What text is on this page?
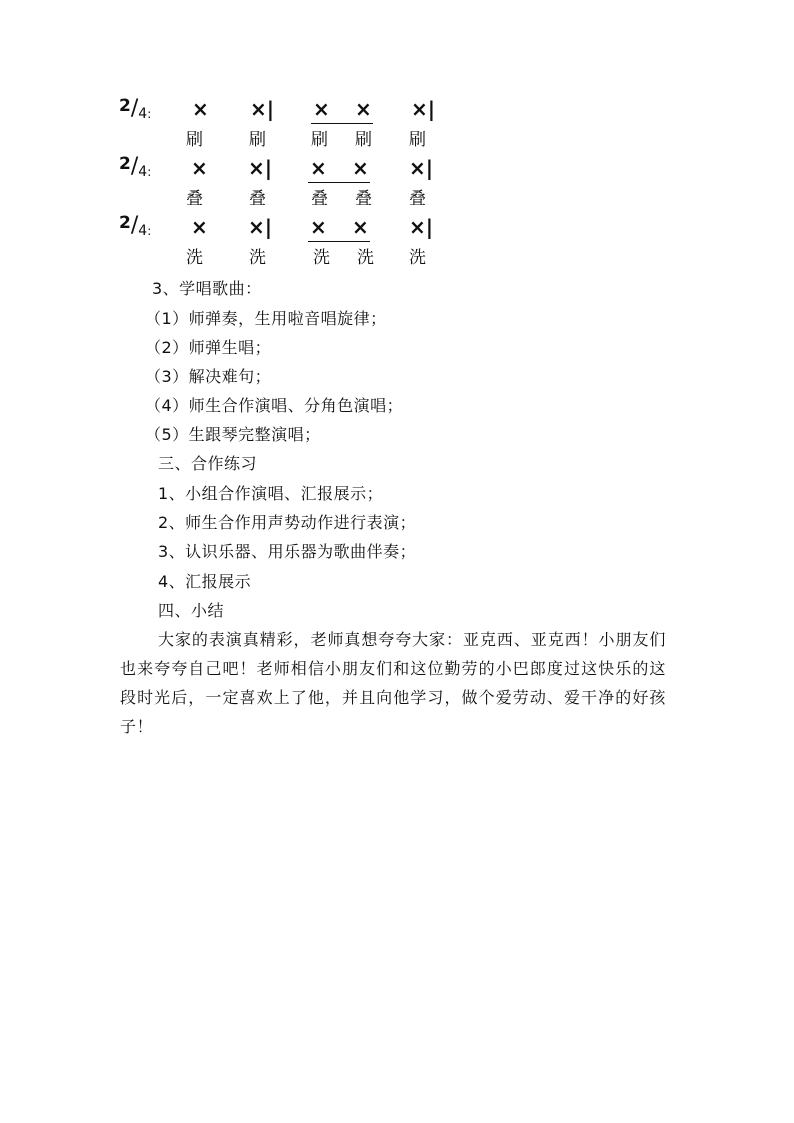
$^2$/4: × ×| × × ×|
刷	刷	刷 刷 刷
$^2$/4: × ×| × × ×|
叠	叠	叠 叠 叠
$^2$/4: × ×| × × ×|
洗	洗	洗 洗 洗
3、学唱歌曲：
（1）师弹奏，生用啦音唱旋律；
（2）师弹生唱；
（3）解决难句；
（4）师生合作演唱、分角色演唱；
（5）生跟琴完整演唱；
三、合作练习
1、小组合作演唱、汇报展示；
2、师生合作用声势动作进行表演；
3、认识乐器、用乐器为歌曲伴奏；
4、汇报展示
四、小结
大家的表演真精彩，老师真想夸夸大家：亚克西、亚克西！小朋友们也来夸夸自己吧！老师相信小朋友们和这位勤劳的小巴郎度过这快乐的这段时光后，一定喜欢上了他，并且向他学习，做个爱劳动、爱干净的好孩子！
